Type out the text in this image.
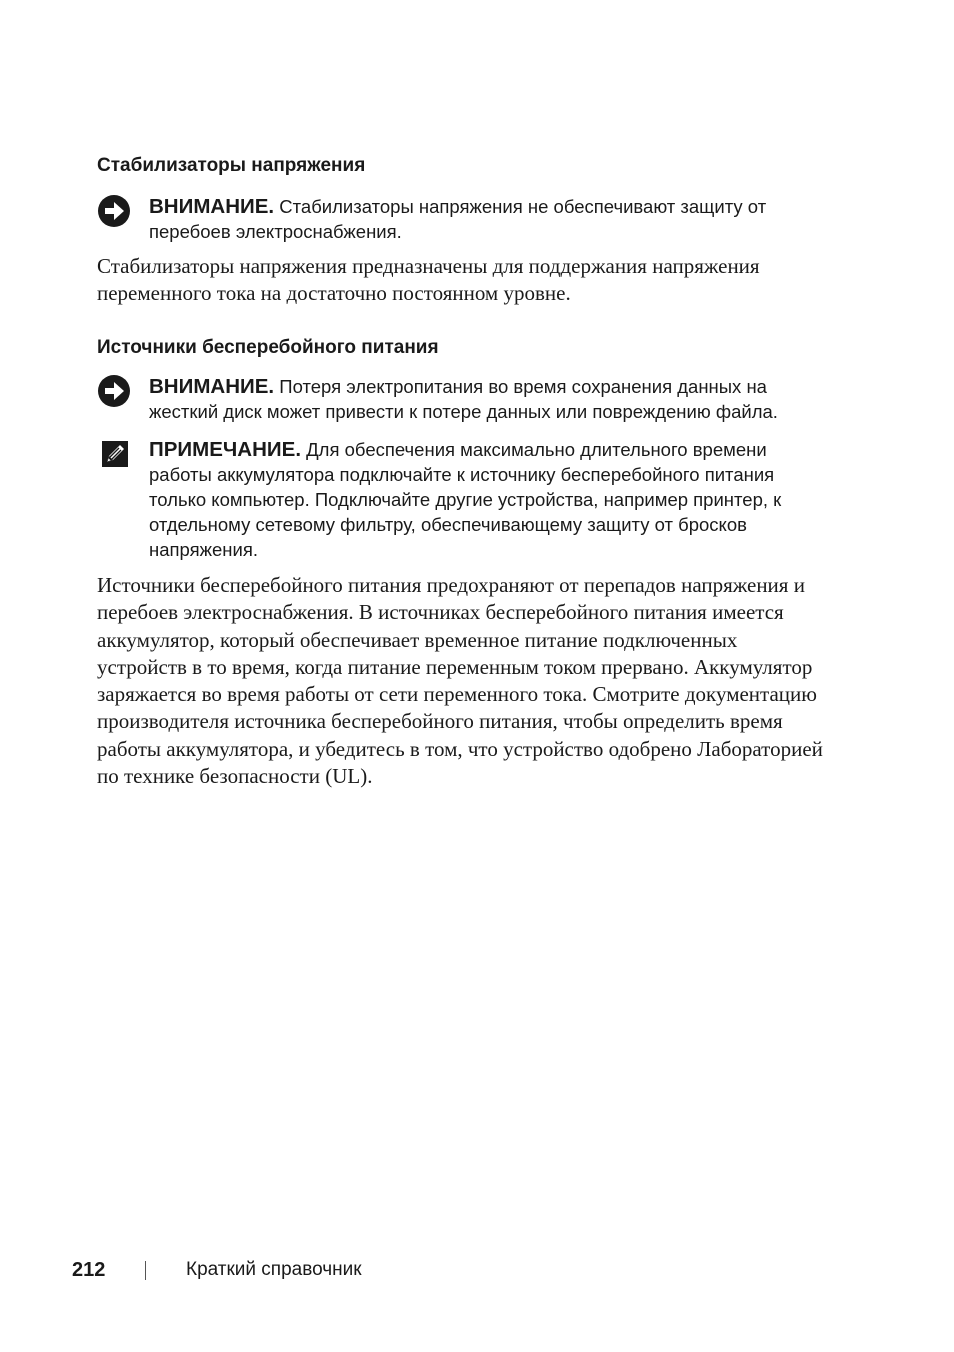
Стабилизаторы напряжения
ВНИМАНИЕ. Стабилизаторы напряжения не обеспечивают защиту от перебоев электроснабжения.

Стабилизаторы напряжения предназначены для поддержания напряжения переменного тока на достаточно постоянном уровне.

Источники бесперебойного питания
ВНИМАНИЕ. Потеря электропитания во время сохранения данных на жесткий диск может привести к потере данных или повреждению файла.
ПРИМЕЧАНИЕ. Для обеспечения максимально длительного времени работы аккумулятора подключайте к источнику бесперебойного питания только компьютер. Подключайте другие устройства, например принтер, к отдельному сетевому фильтру, обеспечивающему защиту от бросков напряжения.

Источники бесперебойного питания предохраняют от перепадов напряжения и перебоев электроснабжения. В источниках бесперебойного питания имеется аккумулятор, который обеспечивает временное питание подключенных устройств в то время, когда питание переменным током прервано. Аккумулятор заряжается во время работы от сети переменного тока. Смотрите документацию производителя источника бесперебойного питания, чтобы определить время работы аккумулятора, и убедитесь в том, что устройство одобрено Лабораторией по технике безопасности (UL).

212	Краткий справочник
